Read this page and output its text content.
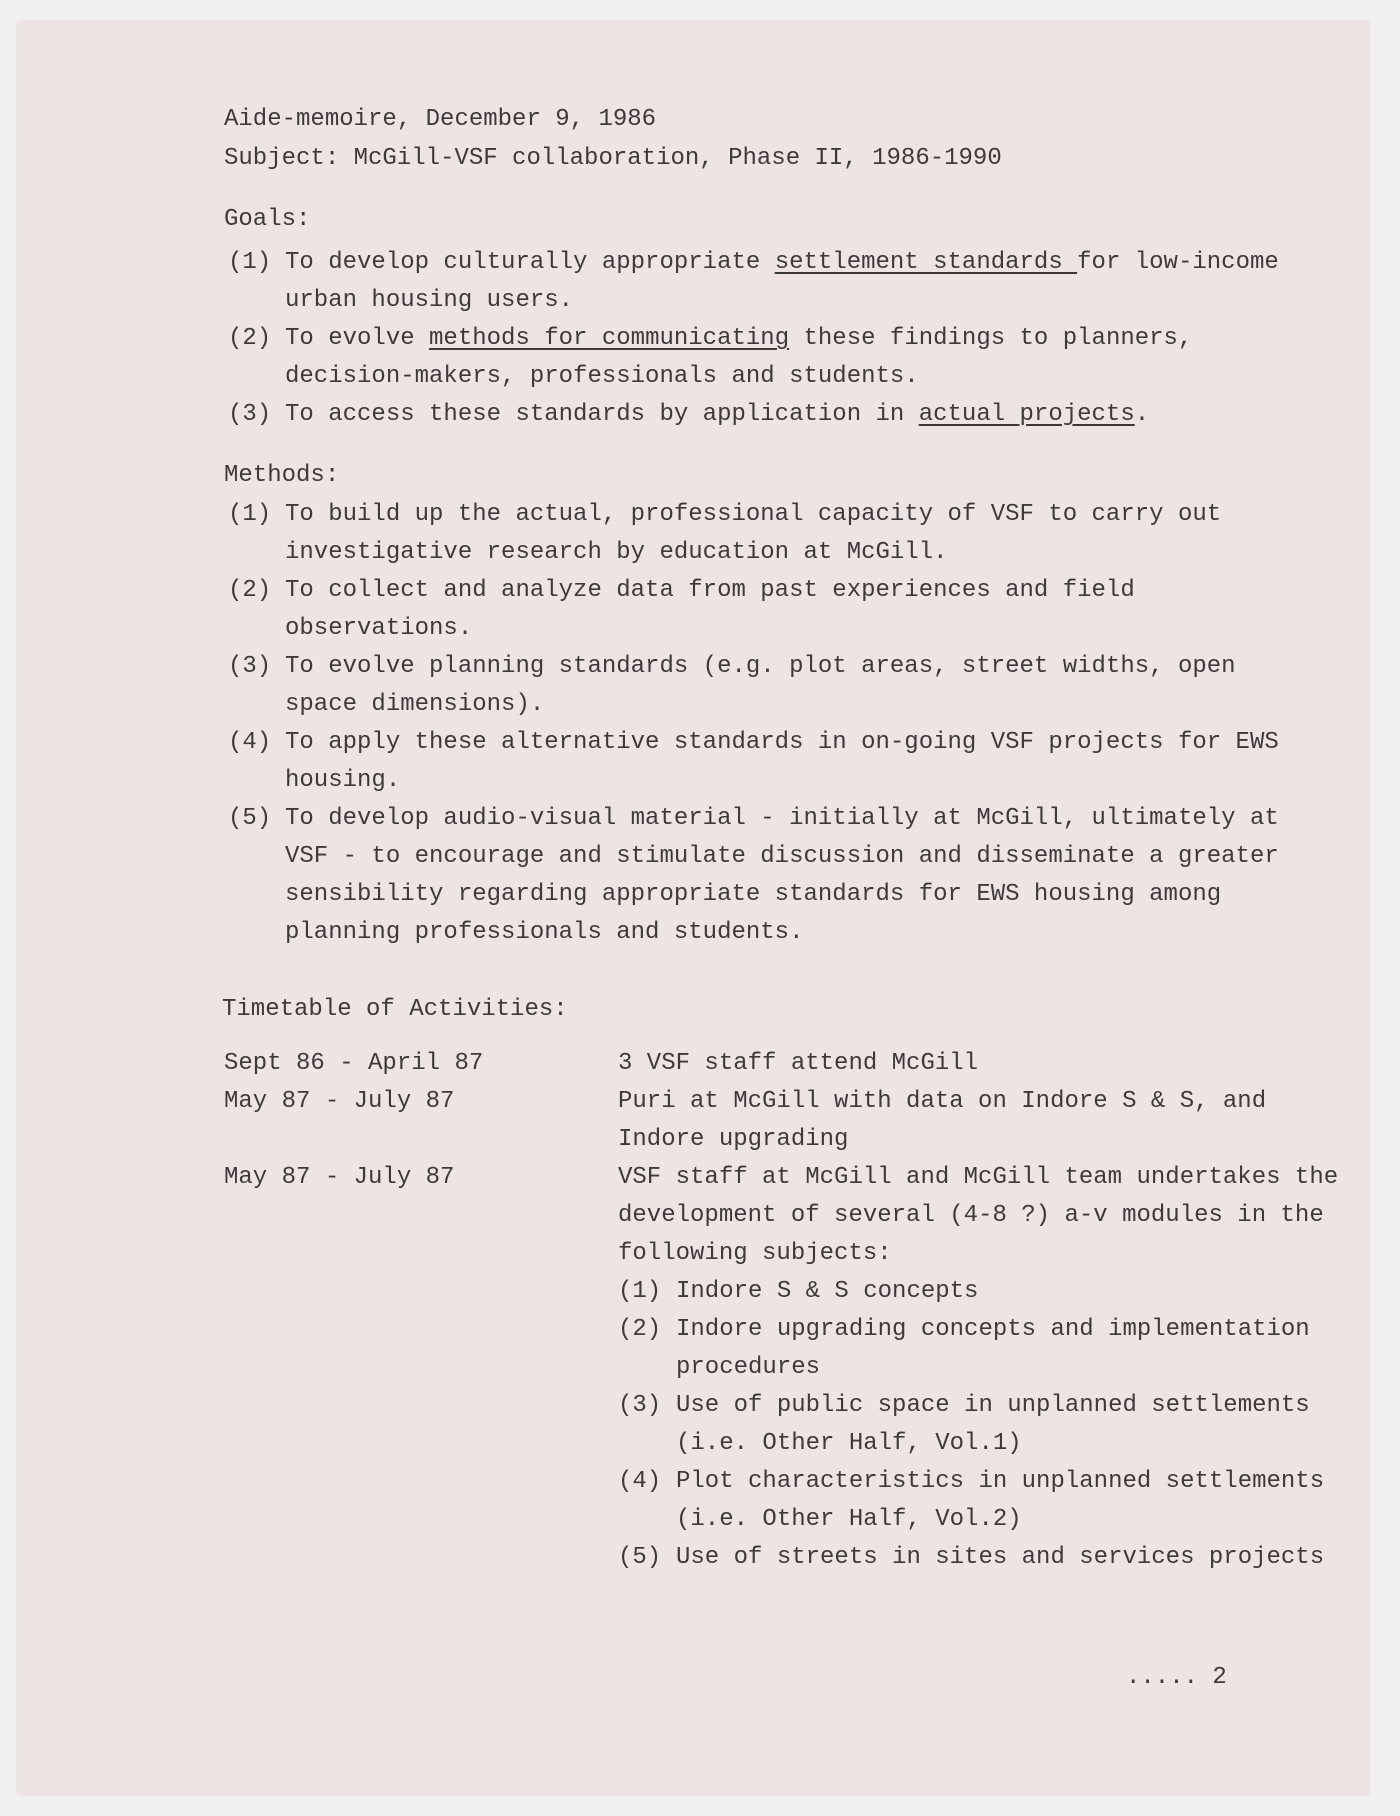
Aide-memoire, December 9, 1986
Subject: McGill-VSF collaboration, Phase II, 1986-1990
Goals:
(1) To develop culturally appropriate settlement standards for low-income urban housing users.
(2) To evolve methods for communicating these findings to planners, decision-makers, professionals and students.
(3) To access these standards by application in actual projects.
Methods:
(1) To build up the actual, professional capacity of VSF to carry out investigative research by education at McGill.
(2) To collect and analyze data from past experiences and field observations.
(3) To evolve planning standards (e.g. plot areas, street widths, open space dimensions).
(4) To apply these alternative standards in on-going VSF projects for EWS housing.
(5) To develop audio-visual material - initially at McGill, ultimately at VSF - to encourage and stimulate discussion and disseminate a greater sensibility regarding appropriate standards for EWS housing among planning professionals and students.
Timetable of Activities:
Sept 86 - April 87	3 VSF staff attend McGill
May 87 - July 87	Puri at McGill with data on Indore S & S, and Indore upgrading
May 87 - July 87	VSF staff at McGill and McGill team undertakes the development of several (4-8 ?) a-v modules in the following subjects:
(1) Indore S & S concepts
(2) Indore upgrading concepts and implementation procedures
(3) Use of public space in unplanned settlements (i.e. Other Half, Vol.1)
(4) Plot characteristics in unplanned settlements (i.e. Other Half, Vol.2)
(5) Use of streets in sites and services projects
..... 2
